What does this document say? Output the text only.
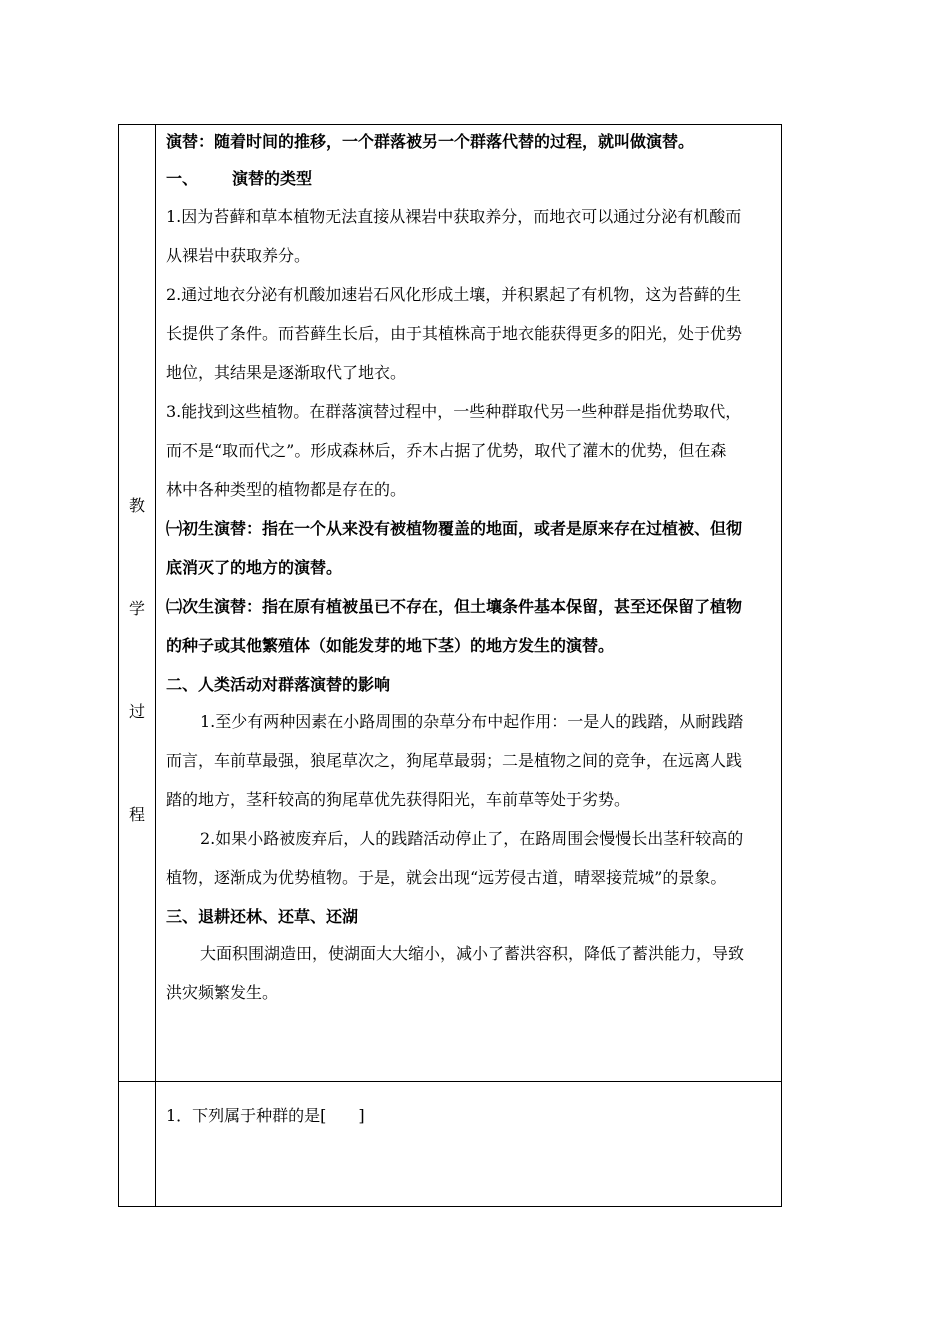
教
学
过
程
演替：随着时间的推移，一个群落被另一个群落代替的过程，就叫做演替。
一、 演替的类型
1.因为苔藓和草本植物无法直接从裸岩中获取养分，而地衣可以通过分泌有机酸而
从裸岩中获取养分。
2.通过地衣分泌有机酸加速岩石风化形成土壤，并积累起了有机物，这为苔藓的生
长提供了条件。而苔藓生长后，由于其植株高于地衣能获得更多的阳光，处于优势
地位，其结果是逐渐取代了地衣。
3.能找到这些植物。在群落演替过程中，一些种群取代另一些种群是指优势取代，
而不是“取而代之”。形成森林后，乔木占据了优势，取代了灌木的优势，但在森
林中各种类型的植物都是存在的。
㈠初生演替：指在一个从来没有被植物覆盖的地面，或者是原来存在过植被、但彻
底消灭了的地方的演替。
㈡次生演替：指在原有植被虽已不存在，但土壤条件基本保留，甚至还保留了植物
的种子或其他繁殖体（如能发芽的地下茎）的地方发生的演替。
二、人类活动对群落演替的影响
1.至少有两种因素在小路周围的杂草分布中起作用：一是人的践踏，从耐践踏
而言，车前草最强，狼尾草次之，狗尾草最弱；二是植物之间的竞争，在远离人践
踏的地方，茎秆较高的狗尾草优先获得阳光，车前草等处于劣势。
2.如果小路被废弃后，人的践踏活动停止了，在路周围会慢慢长出茎秆较高的
植物，逐渐成为优势植物。于是，就会出现“远芳侵古道，晴翠接荒城”的景象。
三、退耕还林、还草、还湖
大面积围湖造田，使湖面大大缩小，减小了蓄洪容积，降低了蓄洪能力，导致
洪灾频繁发生。
1．下列属于种群的是[　　]
